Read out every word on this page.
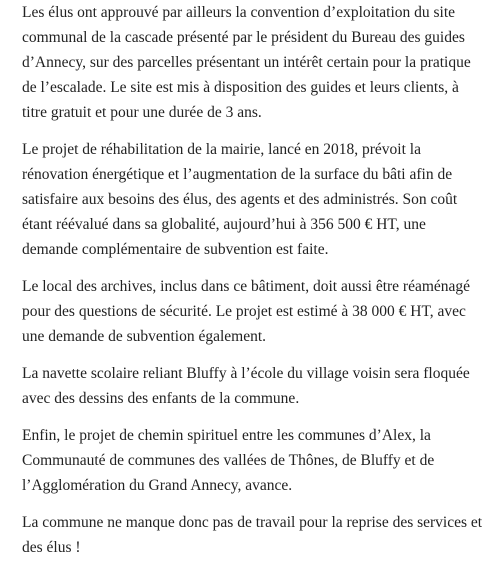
Les élus ont approuvé par ailleurs la convention d’exploitation du site
communal de la cascade présenté par le président du Bureau des guides
d’Annecy, sur des parcelles présentant un intérêt certain pour la pratique
de l’escalade. Le site est mis à disposition des guides et leurs clients, à
titre gratuit et pour une durée de 3 ans.

Le projet de réhabilitation de la mairie, lancé en 2018, prévoit la
rénovation énergétique et l’augmentation de la surface du bâti afin de
satisfaire aux besoins des élus, des agents et des administrés. Son coût
étant réévalué dans sa globalité, aujourd’hui à 356 500 € HT, une
demande complémentaire de subvention est faite.

Le local des archives, inclus dans ce bâtiment, doit aussi être réaménagé
pour des questions de sécurité. Le projet est estimé à 38 000 € HT, avec
une demande de subvention également.

La navette scolaire reliant Bluffy à l’école du village voisin sera floquée
avec des dessins des enfants de la commune.

Enfin, le projet de chemin spirituel entre les communes d’Alex, la
Communauté de communes des vallées de Thônes, de Bluffy et de
l’Agglomération du Grand Annecy, avance.

La commune ne manque donc pas de travail pour la reprise des services et
des élus !
